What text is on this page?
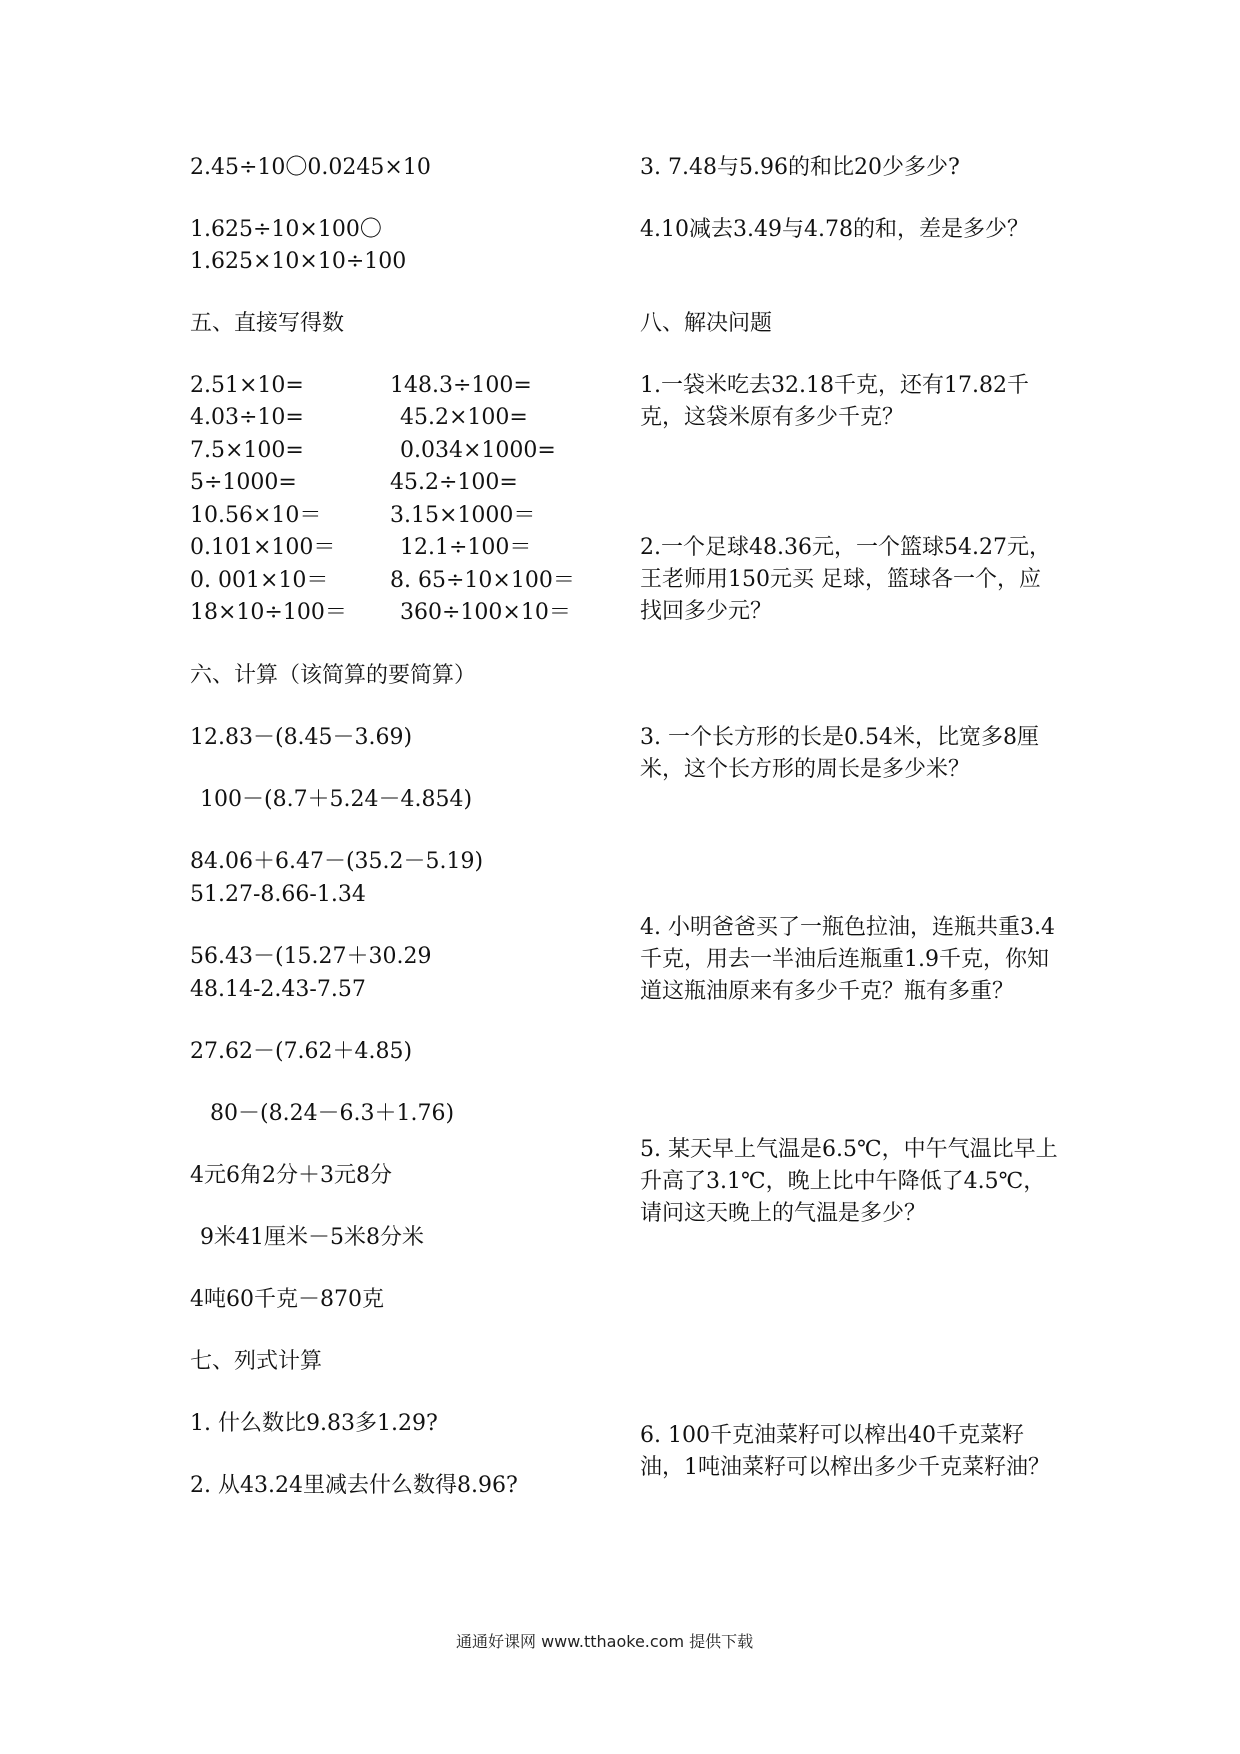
2.45÷10〇0.0245×10
1.625÷10×100〇1.625×10×10÷100
五、直接写得数
2.51×10=	148.3÷100=
4.03÷10=	45.2×100=
7.5×100=	0.034×1000=
5÷1000=	45.2÷100=
10.56×10＝	3.15×1000＝
0.101×100＝	12.1÷100＝
0. 001×10＝	8. 65÷10×100＝
18×10÷100＝ 360÷100×10＝
六、计算（该简算的要简算）
12.83－(8.45－3.69)
100－(8.7＋5.24－4.854)
84.06＋6.47－(35.2－5.19)
51.27-8.66-1.34
56.43－(15.27＋30.29
48.14-2.43-7.57
27.62－(7.62＋4.85)
80－(8.24－6.3＋1.76)
4元6角2分＋3元8分
9米41厘米－5米8分米
4吨60千克－870克
七、列式计算
1. 什么数比9.83多1.29?
2. 从43.24里减去什么数得8.96?
3. 7.48与5.96的和比20少多少?
4.10减去3.49与4.78的和，差是多少？
八、解决问题
1.一袋米吃去32.18千克，还有17.82千克，这袋米原有多少千克？
2.一个足球48.36元，一个篮球54.27元，王老师用150元买 足球，篮球各一个，应找回多少元？
3. 一个长方形的长是0.54米，比宽多8厘米，这个长方形的周长是多少米？
4. 小明爸爸买了一瓶色拉油，连瓶共重3.4千克，用去一半油后连瓶重1.9千克，你知道这瓶油原来有多少千克？瓶有多重？
5. 某天早上气温是6.5℃，中午气温比早上升高了3.1℃，晚上比中午降低了4.5℃，请问这天晚上的气温是多少？
6. 100千克油菜籽可以榨出40千克菜籽油，1吨油菜籽可以榨出多少千克菜籽油？
通通好课网 www.tthaoke.com 提供下载
